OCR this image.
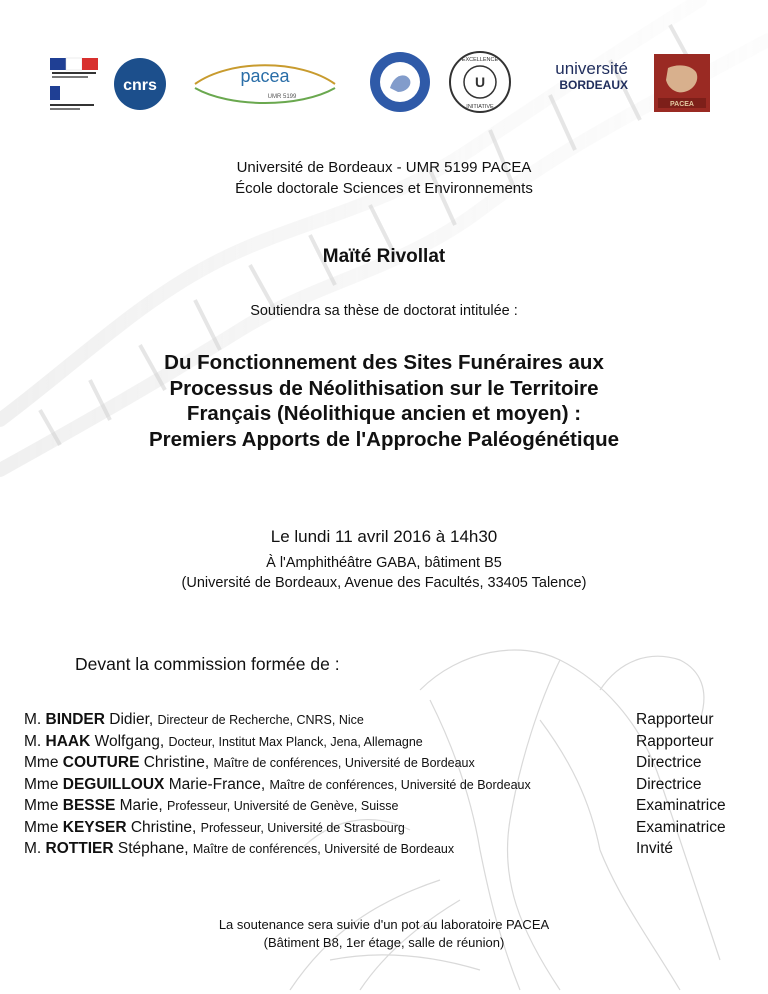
cnrs	pacea
UMR 5199
U
EXCELLENCE
INITIATIVE
université
BORDEAUX
PACEA
Université de Bordeaux - UMR 5199 PACEA
École doctorale Sciences et Environnements
Maïté Rivollat
Soutiendra sa thèse de doctorat intitulée :
Du Fonctionnement des Sites Funéraires aux
Processus de Néolithisation sur le Territoire
Français (Néolithique ancien et moyen) :
Premiers Apports de l'Approche Paléogénétique
Le lundi 11 avril 2016 à 14h30
À l'Amphithéâtre GABA, bâtiment B5
(Université de Bordeaux, Avenue des Facultés, 33405 Talence)
Devant la commission formée de :
M. BINDER Didier, Directeur de Recherche, CNRS, Nice	Rapporteur
M. HAAK Wolfgang, Docteur, Institut Max Planck, Jena, Allemagne	Rapporteur
Mme COUTURE Christine, Maître de conférences, Université de Bordeaux	Directrice
Mme DEGUILLOUX Marie-France, Maître de conférences, Université de Bordeaux	Directrice
Mme BESSE Marie, Professeur, Université de Genève, Suisse	Examinatrice
Mme KEYSER Christine, Professeur, Université de Strasbourg	Examinatrice
M. ROTTIER Stéphane, Maître de conférences, Université de Bordeaux	Invité
La soutenance sera suivie d'un pot au laboratoire PACEA
(Bâtiment B8, 1er étage, salle de réunion)
